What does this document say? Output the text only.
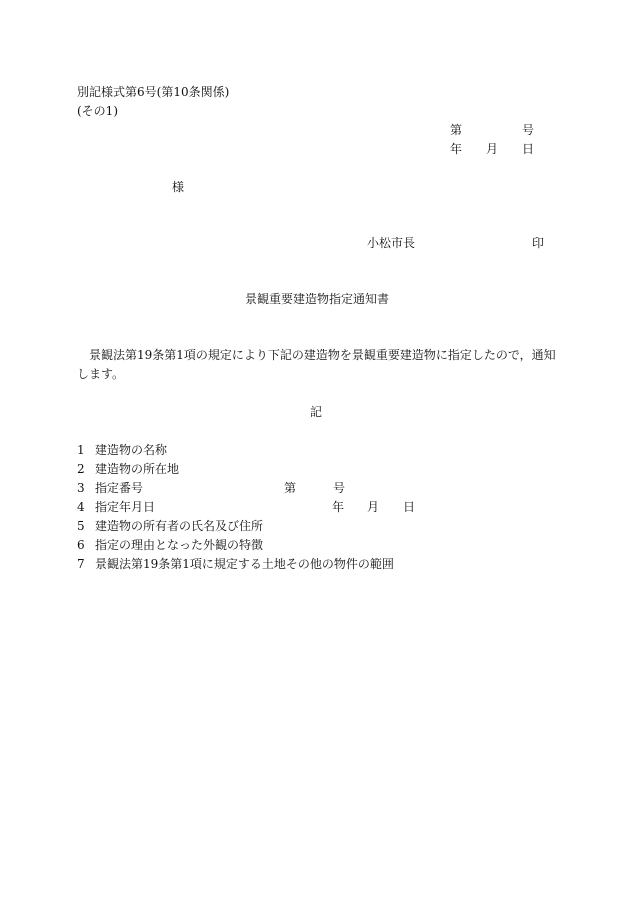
別記様式第6号(第10条関係)
(その1)
第	号
年 月 日
様
小松市長	印
景観重要建造物指定通知書
　景観法第19条第1項の規定により下記の建造物を景観重要建造物に指定したので，通知します。
記
1 建造物の名称
2 建造物の所在地
3 指定番号	第	号
4 指定年月日	年 月 日
5 建造物の所有者の氏名及び住所
6 指定の理由となった外観の特徴
7 景観法第19条第1項に規定する土地その他の物件の範囲
